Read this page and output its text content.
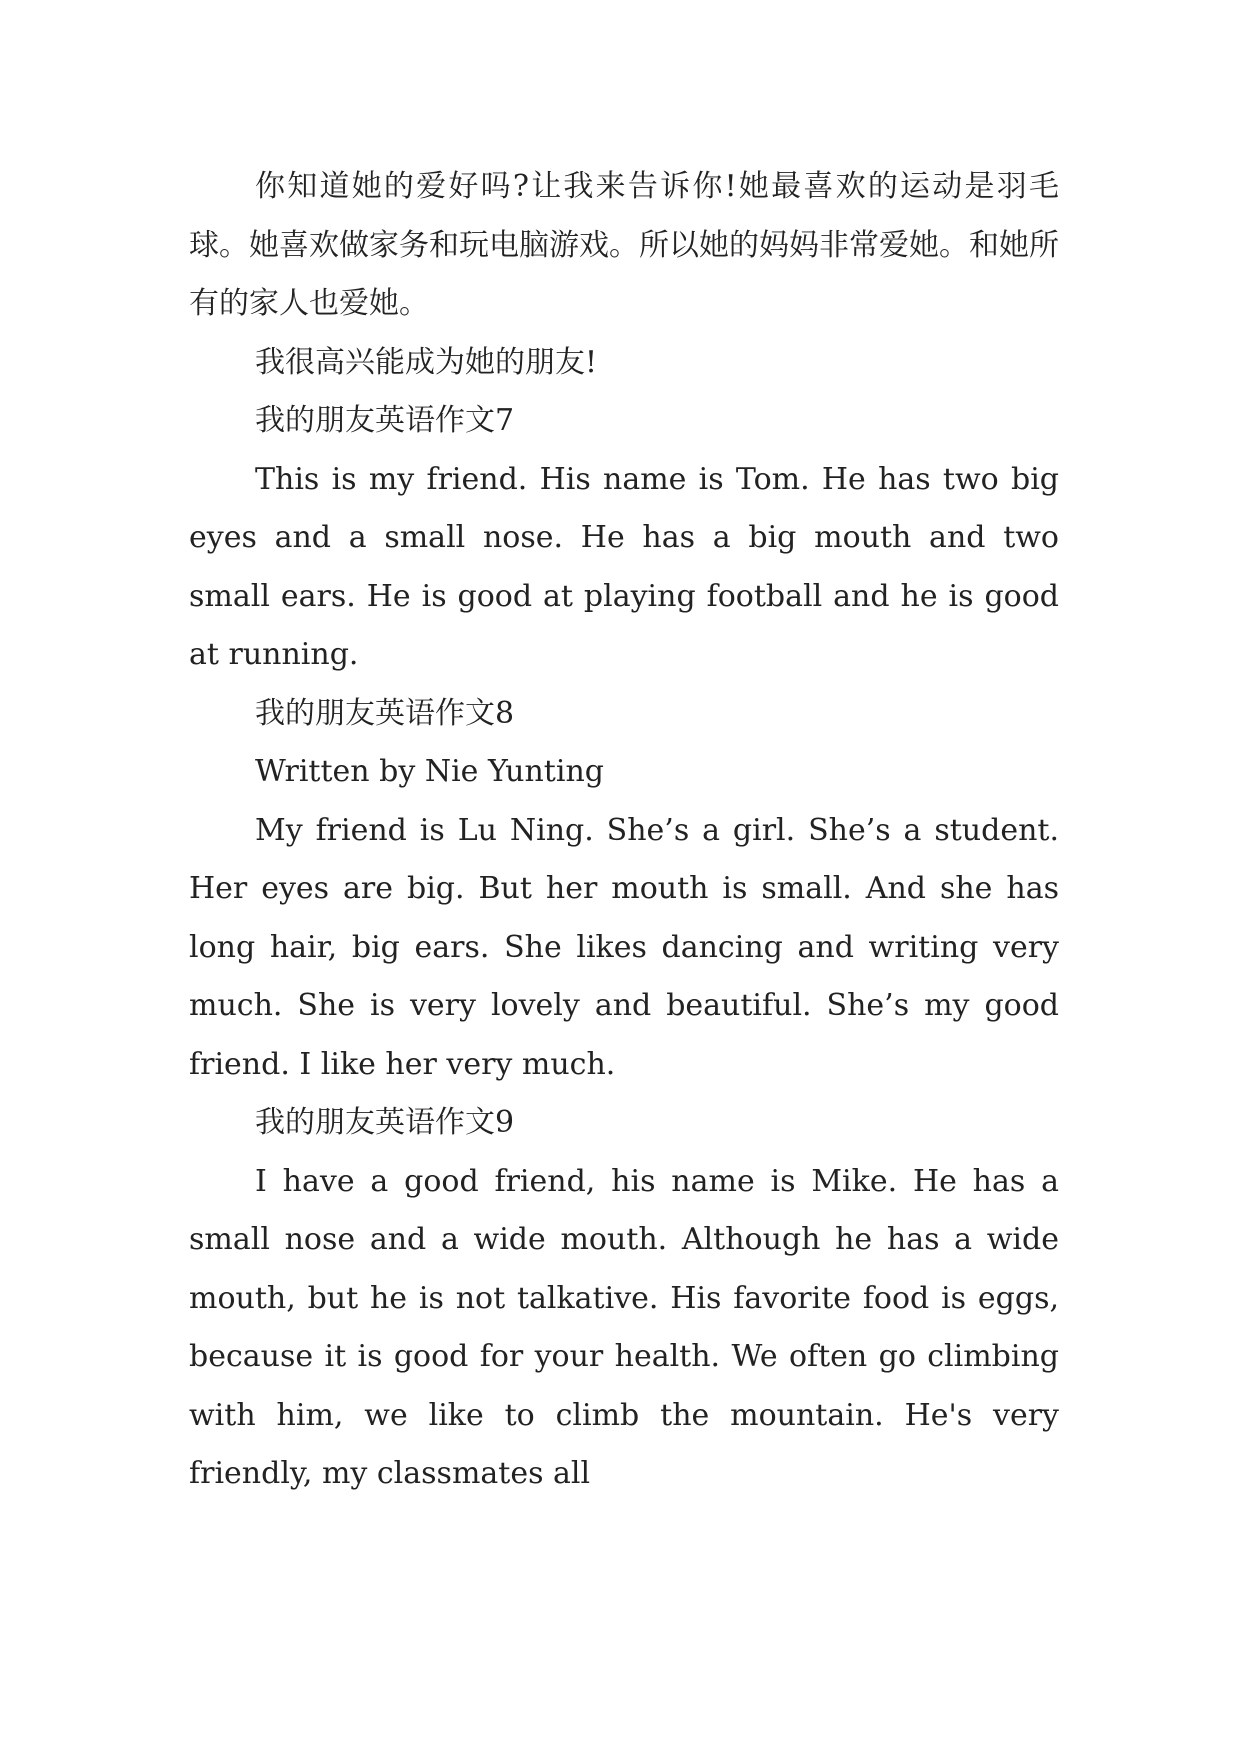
你知道她的爱好吗?让我来告诉你!她最喜欢的运动是羽毛球。她喜欢做家务和玩电脑游戏。所以她的妈妈非常爱她。和她所有的家人也爱她。

我很高兴能成为她的朋友!

我的朋友英语作文7

This is my friend. His name is Tom. He has two big eyes and a small nose. He has a big mouth and two small ears. He is good at playing football and he is good at running.

我的朋友英语作文8

Written by Nie Yunting

My friend is Lu Ning. She’s a girl. She’s a student. Her eyes are big. But her mouth is small. And she has long hair, big ears. She likes dancing and writing very much. She is very lovely and beautiful. She’s my good friend. I like her very much.

我的朋友英语作文9

I have a good friend, his name is Mike. He has a small nose and a wide mouth. Although he has a wide mouth, but he is not talkative. His favorite food is eggs, because it is good for your health. We often go climbing with him, we like to climb the mountain. He's very friendly, my classmates all
